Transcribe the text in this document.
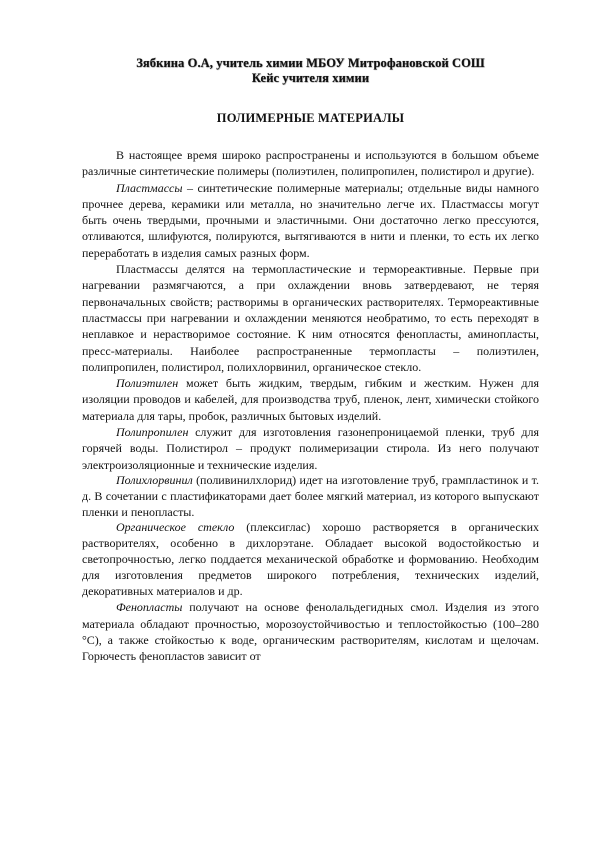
Зябкина О.А, учитель химии МБОУ Митрофановской СОШ
Кейс учителя химии
ПОЛИМЕРНЫЕ МАТЕРИАЛЫ

В настоящее время широко распространены и используются в большом объеме различные синтетические полимеры (полиэтилен, полипропилен, полистирол и другие).

Пластмассы – синтетические полимерные материалы; отдельные виды намного прочнее дерева, керамики или металла, но значительно легче их. Пластмассы могут быть очень твердыми, прочными и эластичными. Они достаточно легко прессуются, отливаются, шлифуются, полируются, вытягиваются в нити и пленки, то есть их легко переработать в изделия самых разных форм.

Пластмассы делятся на термопластические и термореактивные. Первые при нагревании размягчаются, а при охлаждении вновь затвердевают, не теряя первоначальных свойств; растворимы в органических растворителях. Термореактивные пластмассы при нагревании и охлаждении меняются необратимо, то есть переходят в неплавкое и нерастворимое состояние. К ним относятся фенопласты, аминопласты, пресс-материалы. Наиболее распространенные термопласты – полиэтилен, полипропилен, полистирол, полихлорвинил, органическое стекло.

Полиэтилен может быть жидким, твердым, гибким и жестким. Нужен для изоляции проводов и кабелей, для производства труб, пленок, лент, химически стойкого материала для тары, пробок, различных бытовых изделий.

Полипропилен служит для изготовления газонепроницаемой пленки, труб для горячей воды. Полистирол – продукт полимеризации стирола. Из него получают электроизоляционные и технические изделия.

Полихлорвинил (поливинилхлорид) идет на изготовление труб, грампластинок и т. д. В сочетании с пластификаторами дает более мягкий материал, из которого выпускают пленки и пенопласты.

Органическое стекло (плексиглас) хорошо растворяется в органических растворителях, особенно в дихлорэтане. Обладает высокой водостойкостью и светопрочностью, легко поддается механической обработке и формованию. Необходим для изготовления предметов широкого потребления, технических изделий, декоративных материалов и др.

Фенопласты получают на основе фенолальдегидных смол. Изделия из этого материала обладают прочностью, морозоустойчивостью и теплостойкостью (100–280 °С), а также стойкостью к воде, органическим растворителям, кислотам и щелочам. Горючесть фенопластов зависит от
